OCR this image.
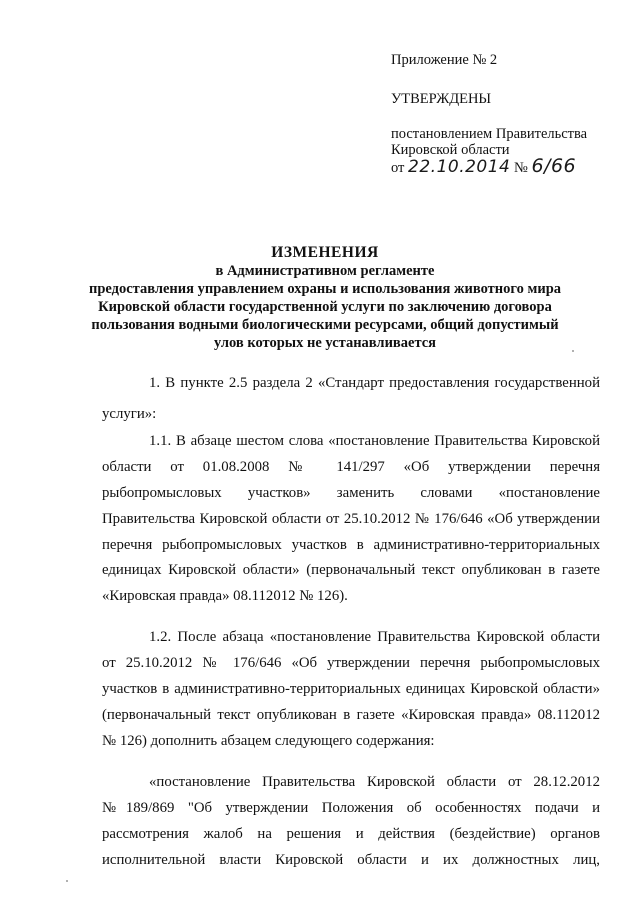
Приложение № 2
УТВЕРЖДЕНЫ
постановлением Правительства
Кировской области
от 22.10.2014 № 6/66
ИЗМЕНЕНИЯ
в Административном регламенте
предоставления управлением охраны и использования животного мира
Кировской области государственной услуги по заключению договора
пользования водными биологическими ресурсами, общий допустимый
улов которых не устанавливается
1. В пункте 2.5 раздела 2 «Стандарт предоставления государственной
услуги»:
1.1. В абзаце шестом слова «постановление Правительства Кировской
области от 01.08.2008 № 141/297 «Об утверждении перечня
рыбопромысловых участков» заменить словами «постановление
Правительства Кировской области от 25.10.2012 № 176/646 «Об утверждении
перечня рыбопромысловых участков в административно-территориальных
единицах Кировской области» (первоначальный текст опубликован в газете
«Кировская правда» 08.112012 № 126).
1.2. После абзаца «постановление Правительства Кировской области
от 25.10.2012 № 176/646 «Об утверждении перечня рыбопромысловых
участков в административно-территориальных единицах Кировской области»
(первоначальный текст опубликован в газете «Кировская правда» 08.112012
№ 126) дополнить абзацем следующего содержания:
«постановление Правительства Кировской области от 28.12.2012
№189/869 "Об утверждении Положения об особенностях подачи и
рассмотрения жалоб на решения и действия (бездействие) органов
исполнительной власти Кировской области и их должностных лиц,
